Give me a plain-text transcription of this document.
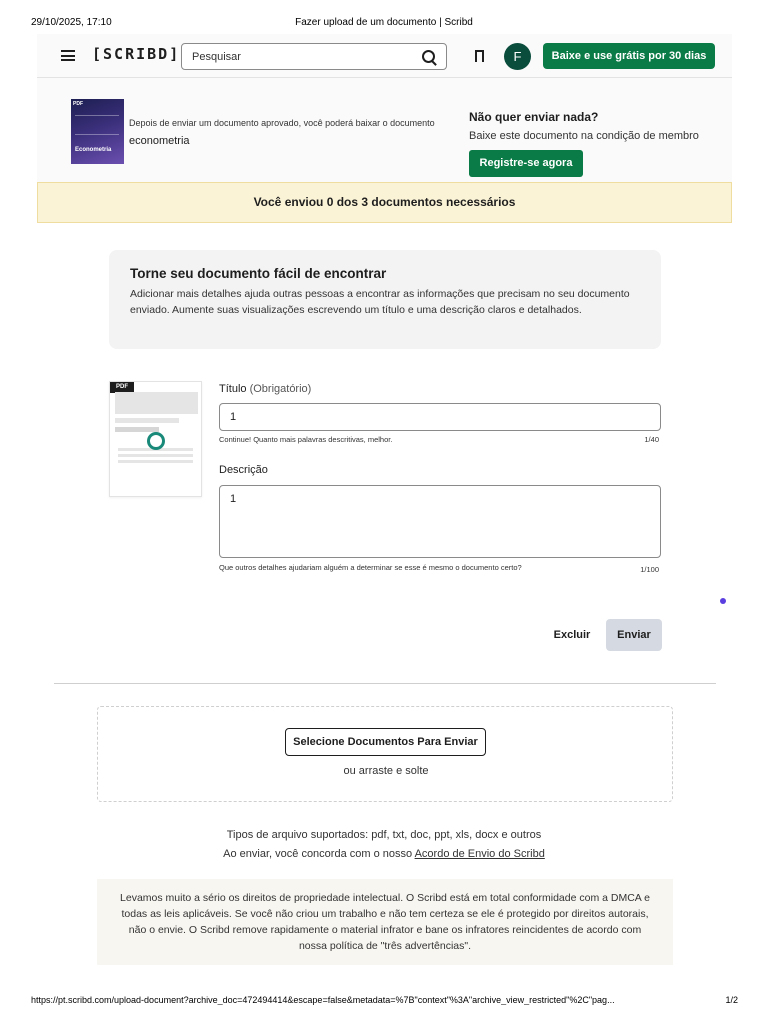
29/10/2025, 17:10	Fazer upload de um documento | Scribd
[SCRIBD]
Pesquisar	F	Baixe e use grátis por 30 dias
PDF
Econometria
Depois de enviar um documento aprovado, você poderá baixar o documento
econometria
Não quer enviar nada?
Baixe este documento na condição de membro
Registre-se agora
Você enviou 0 dos 3 documentos necessários
Torne seu documento fácil de encontrar

Adicionar mais detalhes ajuda outras pessoas a encontrar as informações que precisam no seu documento enviado. Aumente suas visualizações escrevendo um título e uma descrição claros e detalhados.

PDF	Título (Obrigatório)
1
Continue! Quanto mais palavras descritivas, melhor.	1/40
Descrição
1
Que outros detalhes ajudariam alguém a determinar se esse é mesmo o documento certo?	1/100
Excluir	Enviar
Selecione Documentos Para Enviar
ou arraste e solte
Tipos de arquivo suportados: pdf, txt, doc, ppt, xls, docx e outros
Ao enviar, você concorda com o nosso Acordo de Envio do Scribd
Levamos muito a sério os direitos de propriedade intelectual. O Scribd está em total conformidade com a DMCA e todas as leis aplicáveis. Se você não criou um trabalho e não tem certeza se ele é protegido por direitos autorais, não o envie. O Scribd remove rapidamente o material infrator e bane os infratores reincidentes de acordo com nossa política de "três advertências".
https://pt.scribd.com/upload-document?archive_doc=472494414&escape=false&metadata=%7B"context"%3A"archive_view_restricted"%2C"pag...	1/2
